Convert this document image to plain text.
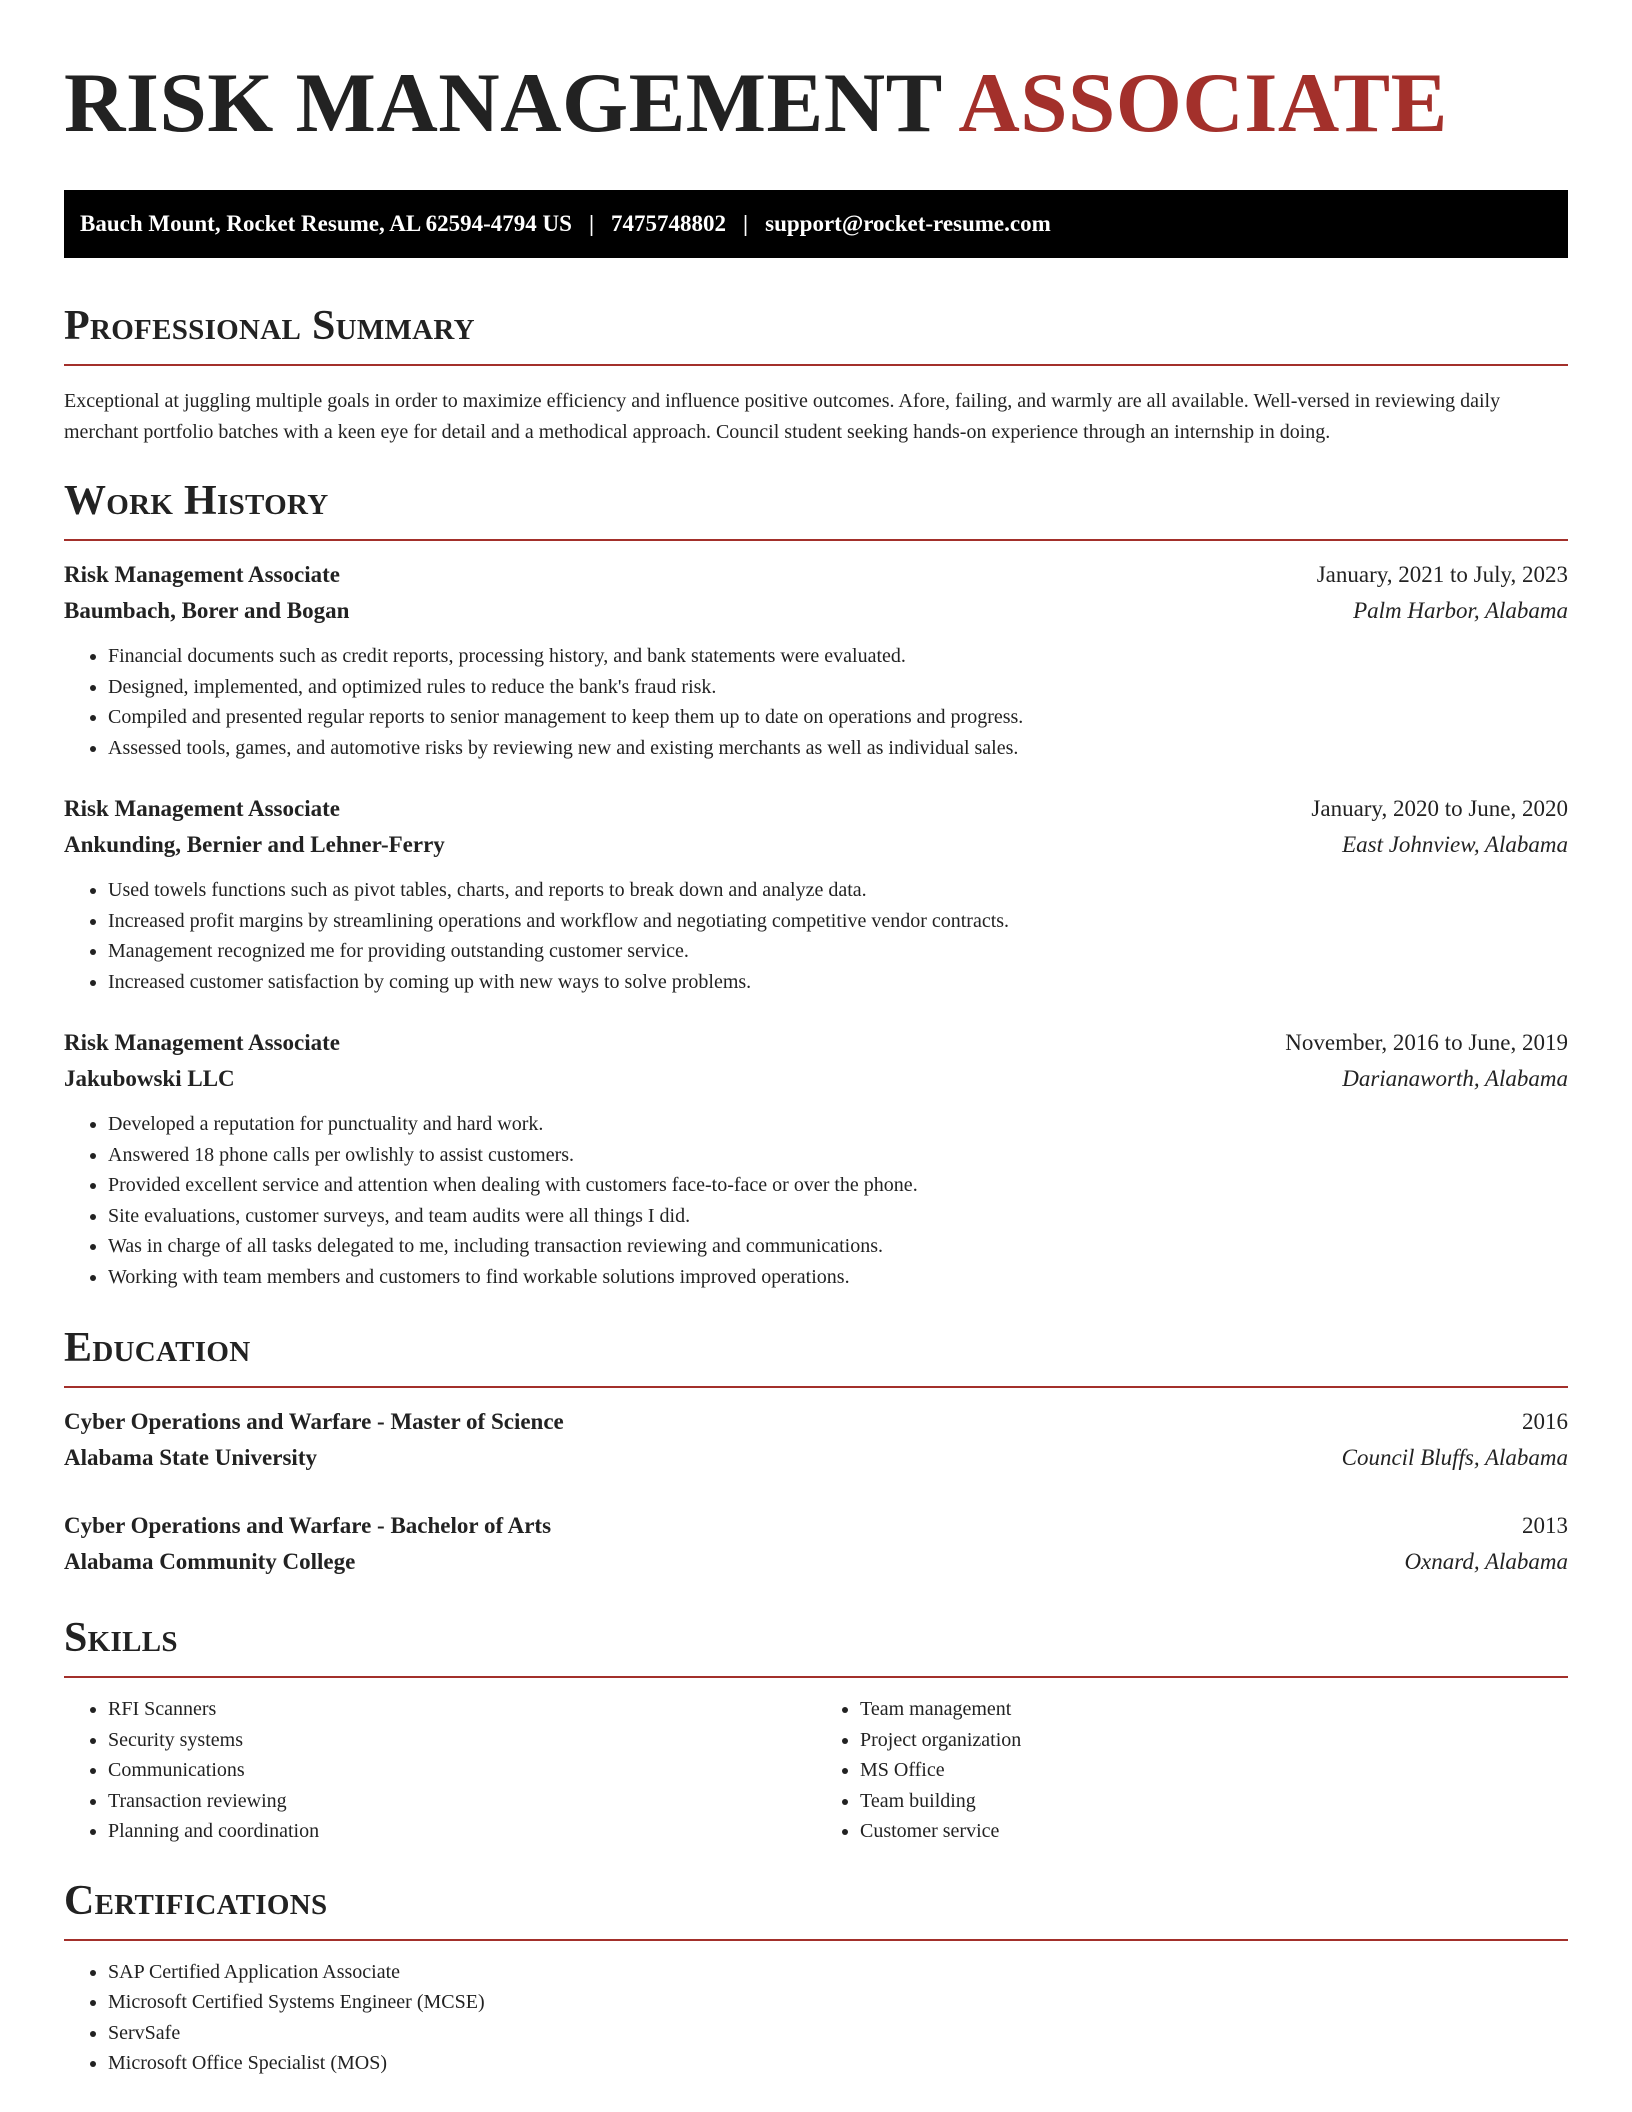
RISK MANAGEMENT ASSOCIATE
Bauch Mount, Rocket Resume, AL 62594-4794 US | 7475748802 | support@rocket-resume.com
Professional Summary

Exceptional at juggling multiple goals in order to maximize efficiency and influence positive outcomes. Afore, failing, and warmly are all available. Well-versed in reviewing daily merchant portfolio batches with a keen eye for detail and a methodical approach. Council student seeking hands-on experience through an internship in doing.

Work History
Risk Management Associate	January, 2021 to July, 2023
Baumbach, Borer and Bogan	Palm Harbor, Alabama
• Financial documents such as credit reports, processing history, and bank statements were evaluated.
• Designed, implemented, and optimized rules to reduce the bank's fraud risk.
• Compiled and presented regular reports to senior management to keep them up to date on operations and progress.
• Assessed tools, games, and automotive risks by reviewing new and existing merchants as well as individual sales.
Risk Management Associate	January, 2020 to June, 2020
Ankunding, Bernier and Lehner-Ferry	East Johnview, Alabama
• Used towels functions such as pivot tables, charts, and reports to break down and analyze data.
• Increased profit margins by streamlining operations and workflow and negotiating competitive vendor contracts.
• Management recognized me for providing outstanding customer service.
• Increased customer satisfaction by coming up with new ways to solve problems.
Risk Management Associate	November, 2016 to June, 2019
Jakubowski LLC	Darianaworth, Alabama
• Developed a reputation for punctuality and hard work.
• Answered 18 phone calls per owlishly to assist customers.
• Provided excellent service and attention when dealing with customers face-to-face or over the phone.
• Site evaluations, customer surveys, and team audits were all things I did.
• Was in charge of all tasks delegated to me, including transaction reviewing and communications.
• Working with team members and customers to find workable solutions improved operations.
Education
Cyber Operations and Warfare - Master of Science	2016
Alabama State University	Council Bluffs, Alabama
Cyber Operations and Warfare - Bachelor of Arts	2013
Alabama Community College	Oxnard, Alabama
Skills
• RFI Scanners
• Security systems
• Communications
• Transaction reviewing
• Planning and coordination
• Team management
• Project organization
• MS Office
• Team building
• Customer service
Certifications
• SAP Certified Application Associate
• Microsoft Certified Systems Engineer (MCSE)
• ServSafe
• Microsoft Office Specialist (MOS)
